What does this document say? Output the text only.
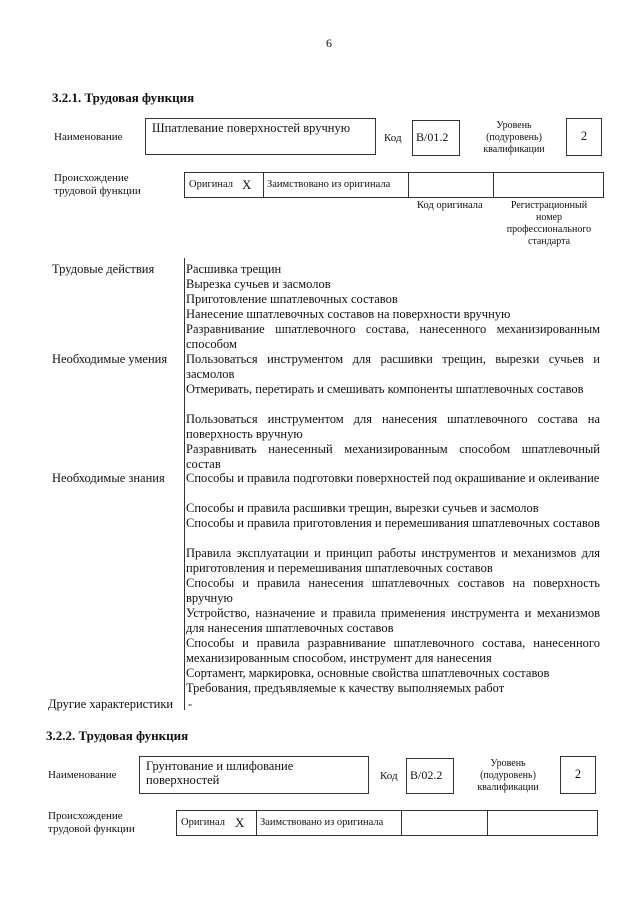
6
3.2.1. Трудовая функция
Наименование
Шпатлевание поверхностей вручную
Код	B/01.2
Уровень (подуровень) квалификации
2
Происхождение трудовой функции
Оригинал X Заимствовано из оригинала
Код оригинала	Регистрационный номер профессионального стандарта
Трудовые действия	Расшивка трещин
Вырезка сучьев и засмолов
Приготовление шпатлевочных составов
Нанесение шпатлевочных составов на поверхности вручную
Разравнивание шпатлевочного состава, нанесенного механизированным способом
Необходимые умения Пользоваться инструментом для расшивки трещин, вырезки сучьев и засмолов
Отмеривать, перетирать и смешивать компоненты шпатлевочных составов
Пользоваться инструментом для нанесения шпатлевочного состава на поверхность вручную
Разравнивать нанесенный механизированным способом шпатлевочный состав
Необходимые знания Способы и правила подготовки поверхностей под окрашивание и оклеивание
Способы и правила расшивки трещин, вырезки сучьев и засмолов
Способы и правила приготовления и перемешивания шпатлевочных составов
Правила эксплуатации и принцип работы инструментов и механизмов для приготовления и перемешивания шпатлевочных составов
Способы и правила нанесения шпатлевочных составов на поверхность вручную
Устройство, назначение и правила применения инструмента и механизмов для нанесения шпатлевочных составов
Способы и правила разравнивание шпатлевочного состава, нанесенного механизированным способом, инструмент для нанесения
Сортамент, маркировка, основные свойства шпатлевочных составов
Требования, предъявляемые к качеству выполняемых работ
Другие характеристики -
3.2.2. Трудовая функция
Наименование
Грунтование и шлифование поверхностей	Код	B/02.2
Уровень (подуровень) квалификации
2
Происхождение трудовой функции
Оригинал X Заимствовано из оригинала
